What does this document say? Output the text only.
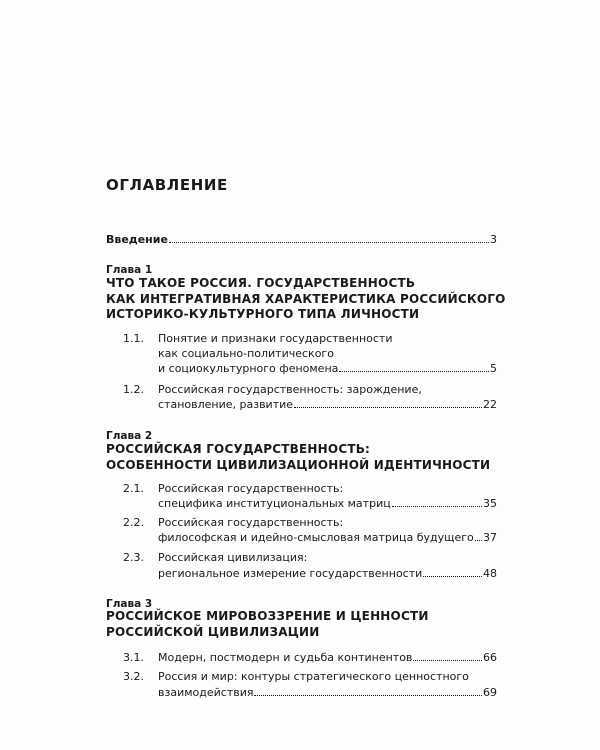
ОГЛАВЛЕНИЕ
Введение	3
Глава 1
ЧТО ТАКОЕ РОССИЯ. ГОСУДАРСТВЕННОСТЬ
КАК ИНТЕГРАТИВНАЯ ХАРАКТЕРИСТИКА РОССИЙСКОГО
ИСТОРИКО-КУЛЬТУРНОГО ТИПА ЛИЧНОСТИ
1.1. Понятие и признаки государственности
как социально-политического
и социокультурного феномена	5
1.2. Российская государственность: зарождение,
становление, развитие	22
Глава 2
РОССИЙСКАЯ ГОСУДАРСТВЕННОСТЬ:
ОСОБЕННОСТИ ЦИВИЛИЗАЦИОННОЙ ИДЕНТИЧНОСТИ
2.1. Российская государственность:
специфика институциональных матриц	35
2.2. Российская государственность:
философская и идейно-смысловая матрица будущего 37
2.3. Российская цивилизация:
региональное измерение государственности	48
Глава 3
РОССИЙСКОЕ МИРОВОЗЗРЕНИЕ И ЦЕННОСТИ
РОССИЙСКОЙ ЦИВИЛИЗАЦИИ
3.1. Модерн, постмодерн и судьба континентов	66
3.2. Россия и мир: контуры стратегического ценностного
взаимодействия	69
